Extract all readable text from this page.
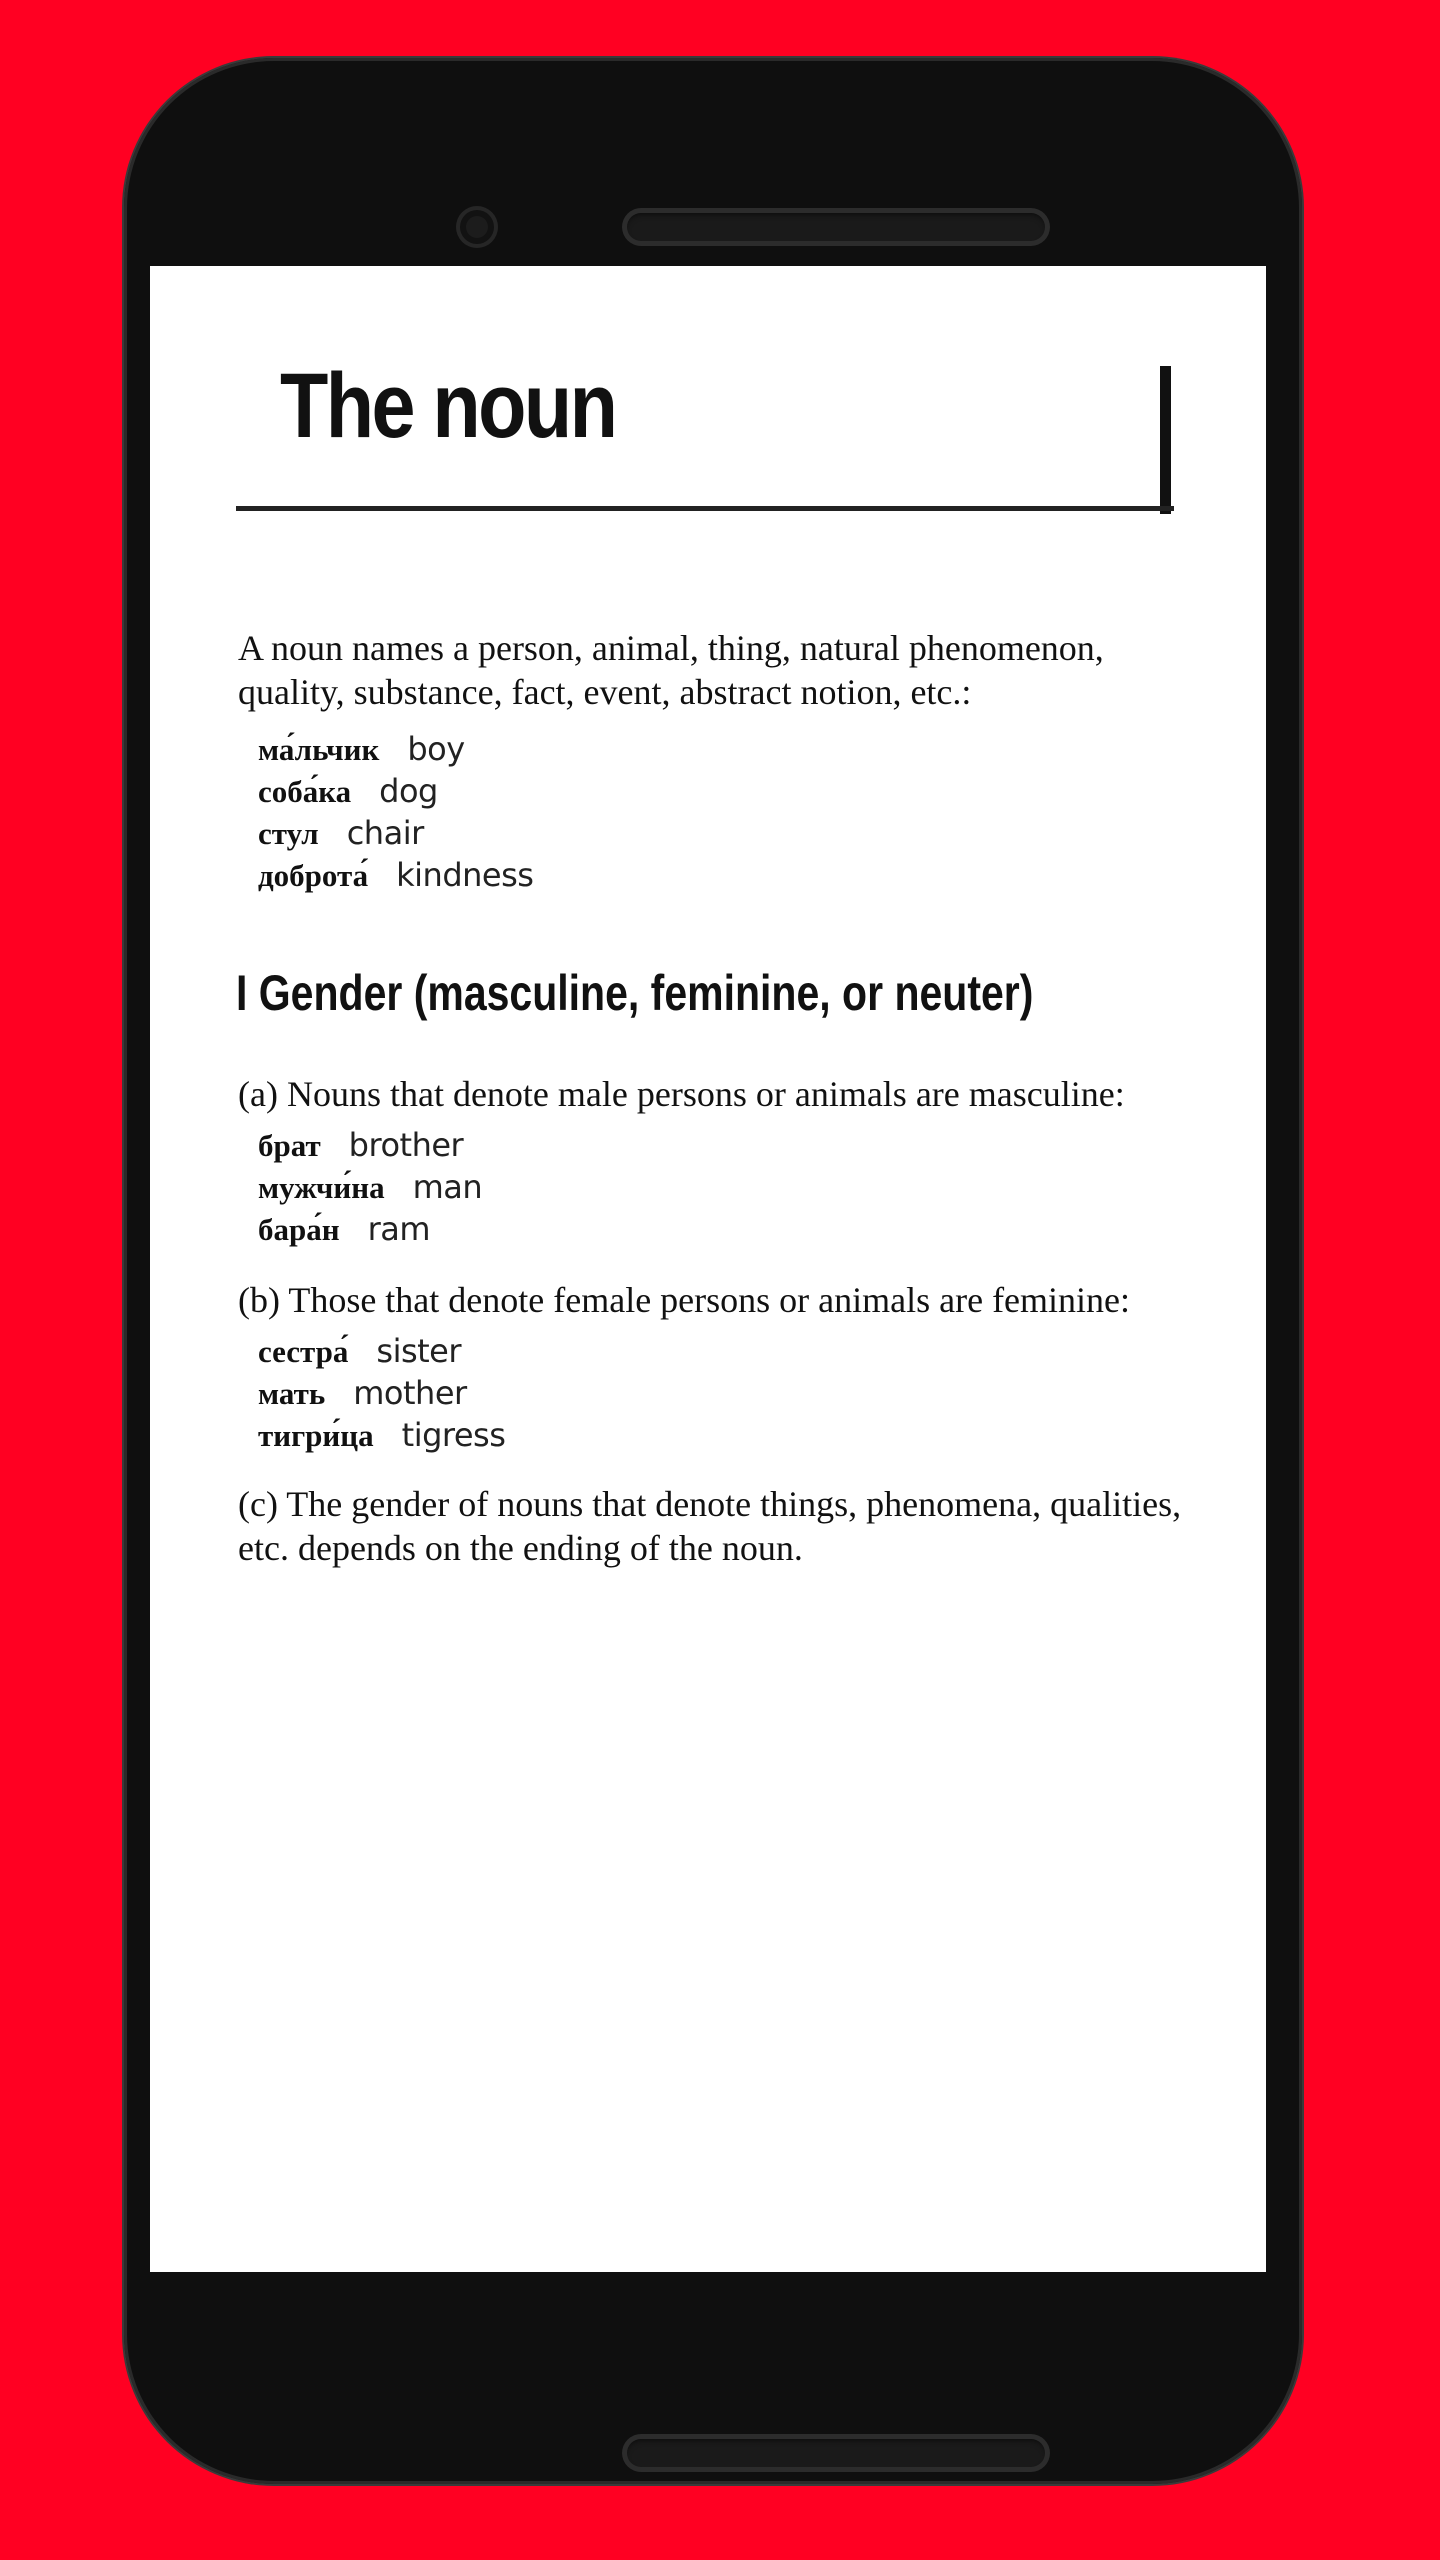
The noun

A noun names a person, animal, thing, natural phenomenon, quality, substance, fact, event, abstract notion, etc.:

ма́льчик boy
соба́ка dog
стул chair
доброта́ kindness
I Gender (masculine, feminine, or neuter)

(a) Nouns that denote male persons or animals are masculine:

брат brother
мужчи́на man
бара́н ram

(b) Those that denote female persons or animals are feminine:

сестра́ sister
мать mother
тигри́ца tigress

(c) The gender of nouns that denote things, phenomena, qualities, etc. depends on the ending of the noun.
